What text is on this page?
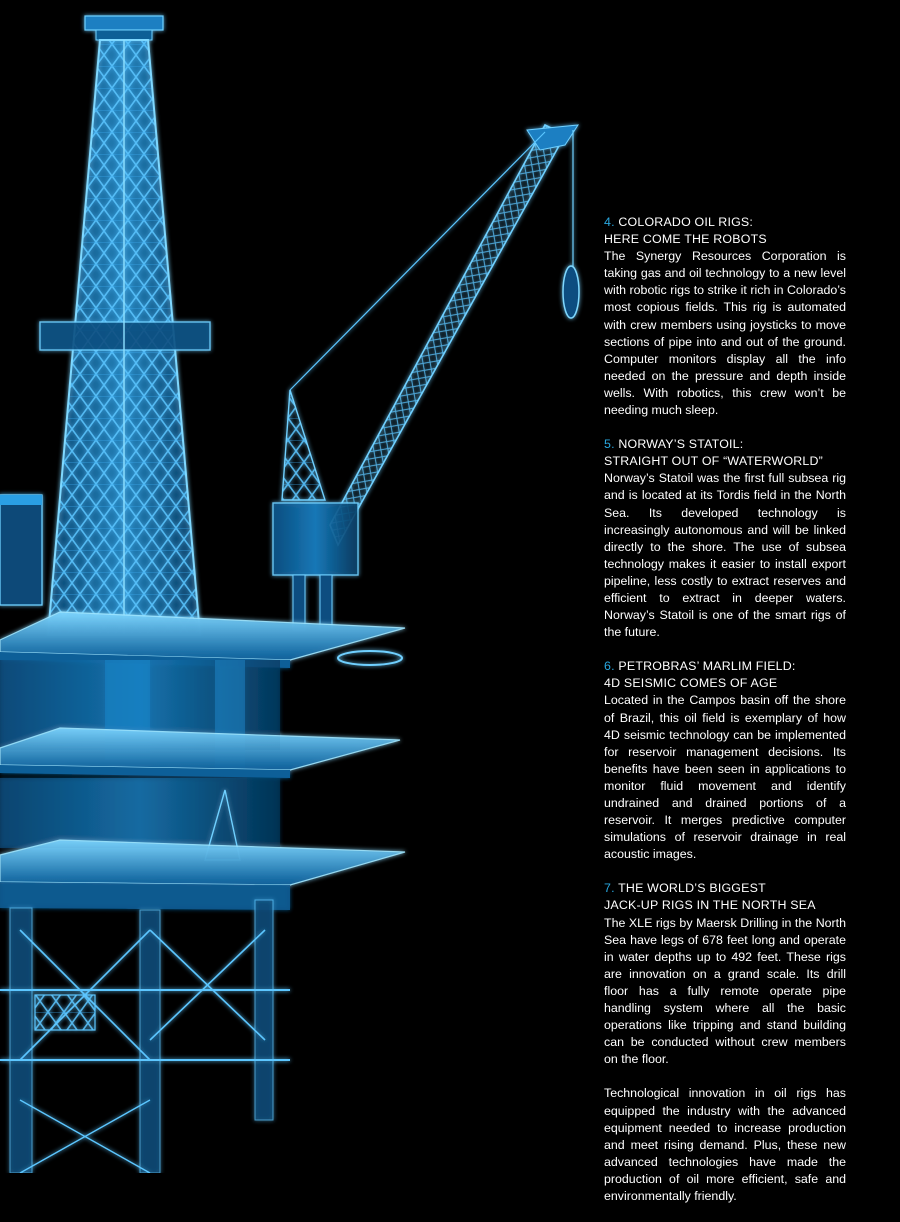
4. COLORADO OIL RIGS:
HERE COME THE ROBOTS
The Synergy Resources Corporation is taking gas and oil technology to a new level with robotic rigs to strike it rich in Colorado’s most copious fields. This rig is automated with crew members using joysticks to move sections of pipe into and out of the ground. Computer monitors display all the info needed on the pressure and depth inside wells. With robotics, this crew won’t be needing much sleep.
5. NORWAY’S STATOIL:
STRAIGHT OUT OF “WATERWORLD”
Norway’s Statoil was the first full subsea rig and is located at its Tordis field in the North Sea. Its developed technology is increasingly autonomous and will be linked directly to the shore. The use of subsea technology makes it easier to install export pipeline, less costly to extract reserves and efficient to extract in deeper waters. Norway’s Statoil is one of the smart rigs of the future.
6. PETROBRAS’ MARLIM FIELD:
4D SEISMIC COMES OF AGE
Located in the Campos basin off the shore of Brazil, this oil field is exemplary of how 4D seismic technology can be implemented for reservoir management decisions. Its benefits have been seen in applications to monitor fluid movement and identify undrained and drained portions of a reservoir. It merges predictive computer simulations of reservoir drainage in real acoustic images.
7. THE WORLD’S BIGGEST
JACK-UP RIGS IN THE NORTH SEA
The XLE rigs by Maersk Drilling in the North Sea have legs of 678 feet long and operate in water depths up to 492 feet. These rigs are innovation on a grand scale. Its drill floor has a fully remote operate pipe handling system where all the basic operations like tripping and stand building can be conducted without crew members on the floor.
Technological innovation in oil rigs has equipped the industry with the advanced equipment needed to increase production and meet rising demand. Plus, these new advanced technologies have made the production of oil more efficient, safe and environmentally friendly.
